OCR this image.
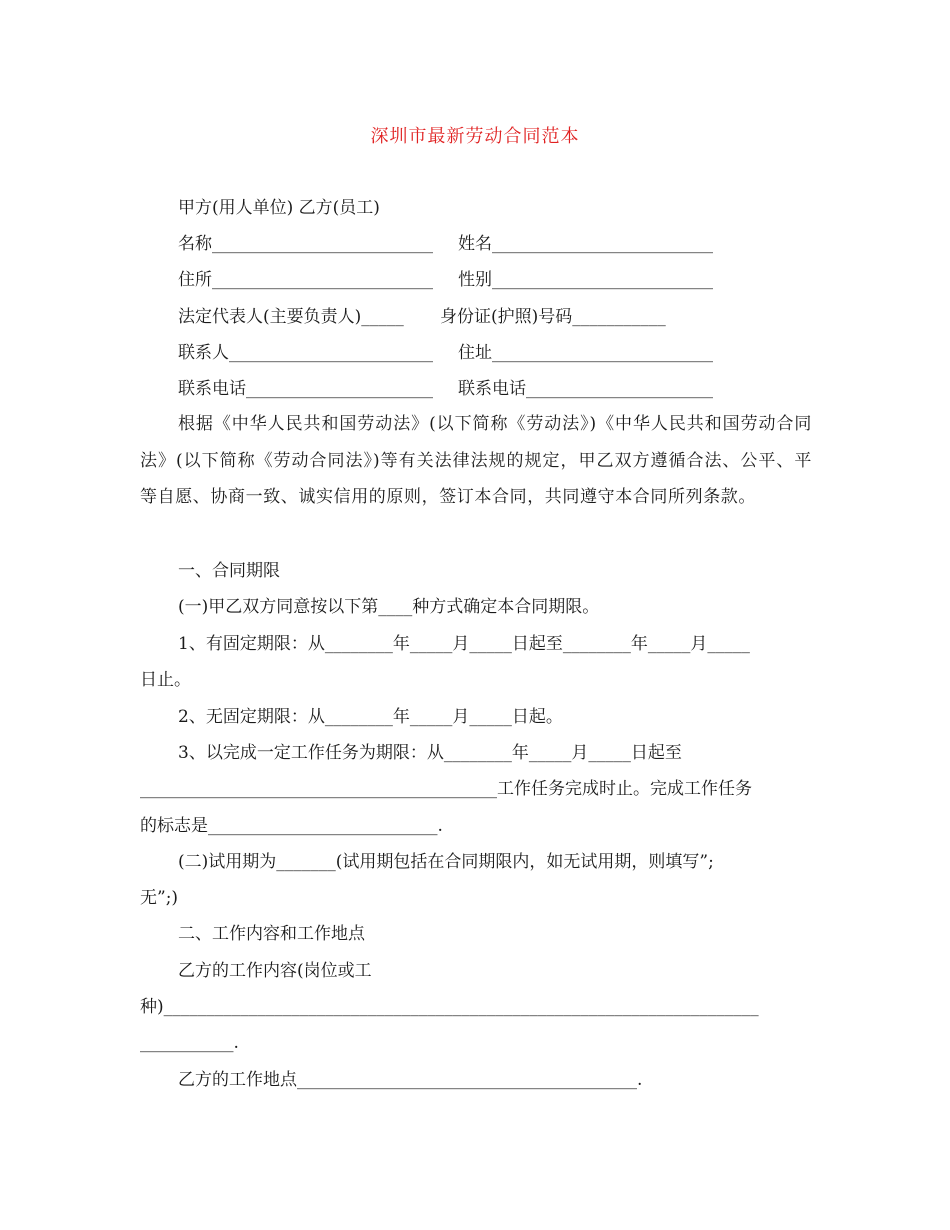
深圳市最新劳动合同范本
甲方(用人单位) 乙方(员工)
名称__________________________ 姓名__________________________
住所__________________________ 性别__________________________
法定代表人(主要负责人)_____ 身份证(护照)号码___________
联系人________________________ 住址__________________________
联系电话______________________ 联系电话______________________
根据《中华人民共和国劳动法》(以下简称《劳动法》)《中华人民共和国劳动合同法》(以下简称《劳动合同法》)等有关法律法规的规定，甲乙双方遵循合法、公平、平等自愿、协商一致、诚实信用的原则，签订本合同，共同遵守本合同所列条款。
一、合同期限
(一)甲乙双方同意按以下第____种方式确定本合同期限。
1、有固定期限：从________年_____月_____日起至________年_____月_____
日止。
2、无固定期限：从________年_____月_____日起。
3、以完成一定工作任务为期限：从________年_____月_____日起至
__________________________________________工作任务完成时止。完成工作任务
的标志是___________________________.
(二)试用期为_______(试用期包括在合同期限内，如无试用期，则填写”;
无”;)
二、工作内容和工作地点
乙方的工作内容(岗位或工
种)______________________________________________________________________
___________.
乙方的工作地点________________________________________.
